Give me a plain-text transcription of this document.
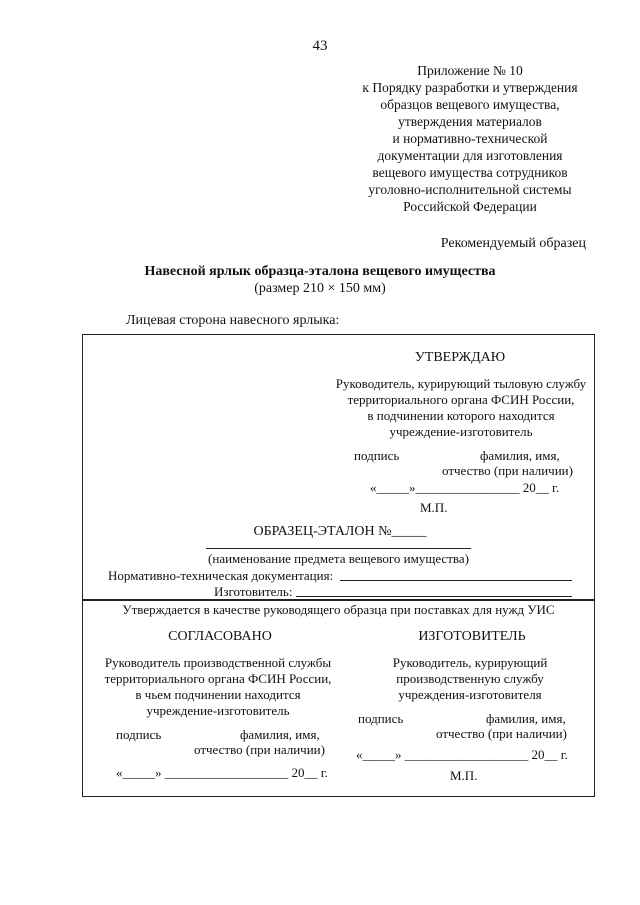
43
Приложение № 10
к Порядку разработки и утверждения
образцов вещевого имущества,
утверждения материалов
и нормативно-технической
документации для изготовления
вещевого имущества сотрудников
уголовно-исполнительной системы
Российской Федерации
Рекомендуемый образец
Навесной ярлык образца-эталона вещевого имущества
(размер 210 × 150 мм)
Лицевая сторона навесного ярлыка:
УТВЕРЖДАЮ
Руководитель, курирующий тыловую службу
территориального органа ФСИН России,
в подчинении которого находится
учреждение-изготовитель
подпись	фамилия, имя,
отчество (при наличии)
«_____»________________ 20__ г.
М.П.
ОБРАЗЕЦ-ЭТАЛОН №_____
(наименование предмета вещевого имущества)
Нормативно-техническая документация:
Изготовитель:
Утверждается в качестве руководящего образца при поставках для нужд УИС
СОГЛАСОВАНО
Руководитель производственной службы
территориального органа ФСИН России,
в чьем подчинении находится
учреждение-изготовитель
подпись	фамилия, имя,
отчество (при наличии)
«_____» ___________________ 20__ г.
ИЗГОТОВИТЕЛЬ
Руководитель, курирующий
производственную службу
учреждения-изготовителя
подпись	фамилия, имя,
отчество (при наличии)
«_____» ___________________ 20__ г.
М.П.
